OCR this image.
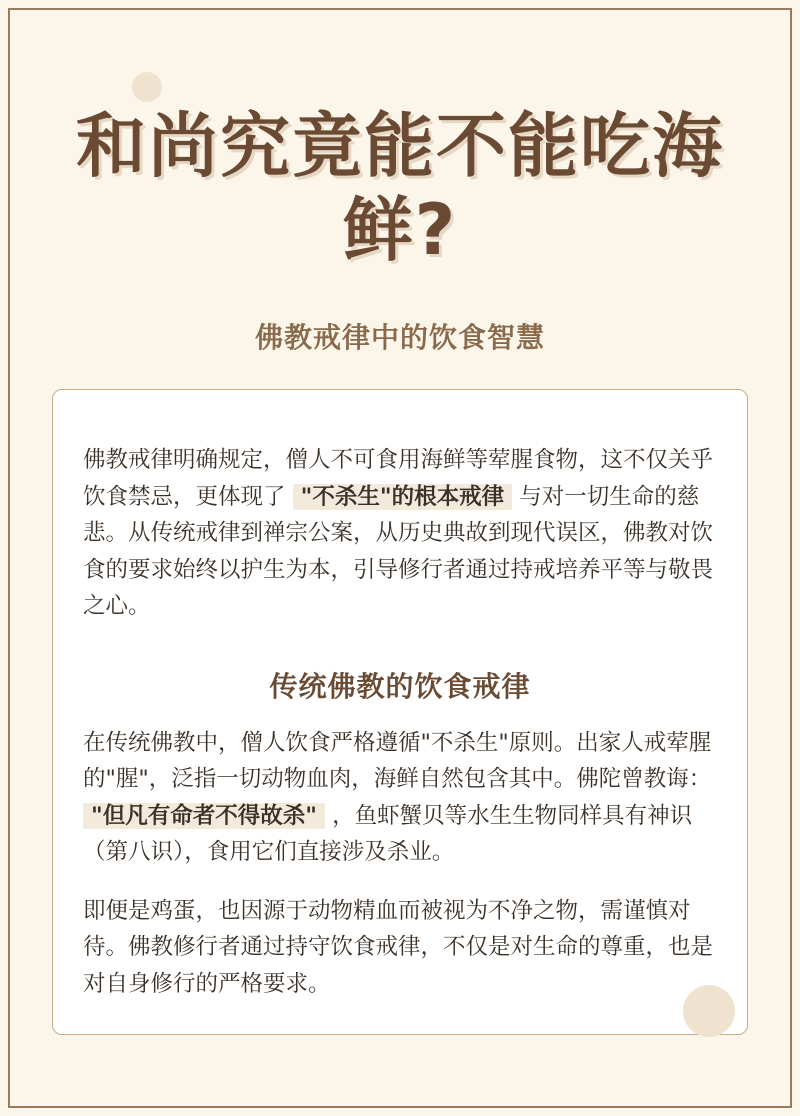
和尚究竟能不能吃海
鲜?
佛教戒律中的饮食智慧

佛教戒律明确规定，僧人不可食用海鲜等荤腥食物，这不仅关乎饮食禁忌，更体现了 "不杀生"的根本戒律 与对一切生命的慈悲。从传统戒律到禅宗公案，从历史典故到现代误区，佛教对饮食的要求始终以护生为本，引导修行者通过持戒培养平等与敬畏之心。

传统佛教的饮食戒律

在传统佛教中，僧人饮食严格遵循"不杀生"原则。出家人戒荤腥的"腥"，泛指一切动物血肉，海鲜自然包含其中。佛陀曾教诲： "但凡有命者不得故杀" ，鱼虾蟹贝等水生生物同样具有神识（第八识），食用它们直接涉及杀业。

即便是鸡蛋，也因源于动物精血而被视为不净之物，需谨慎对待。佛教修行者通过持守饮食戒律，不仅是对生命的尊重，也是对自身修行的严格要求。
